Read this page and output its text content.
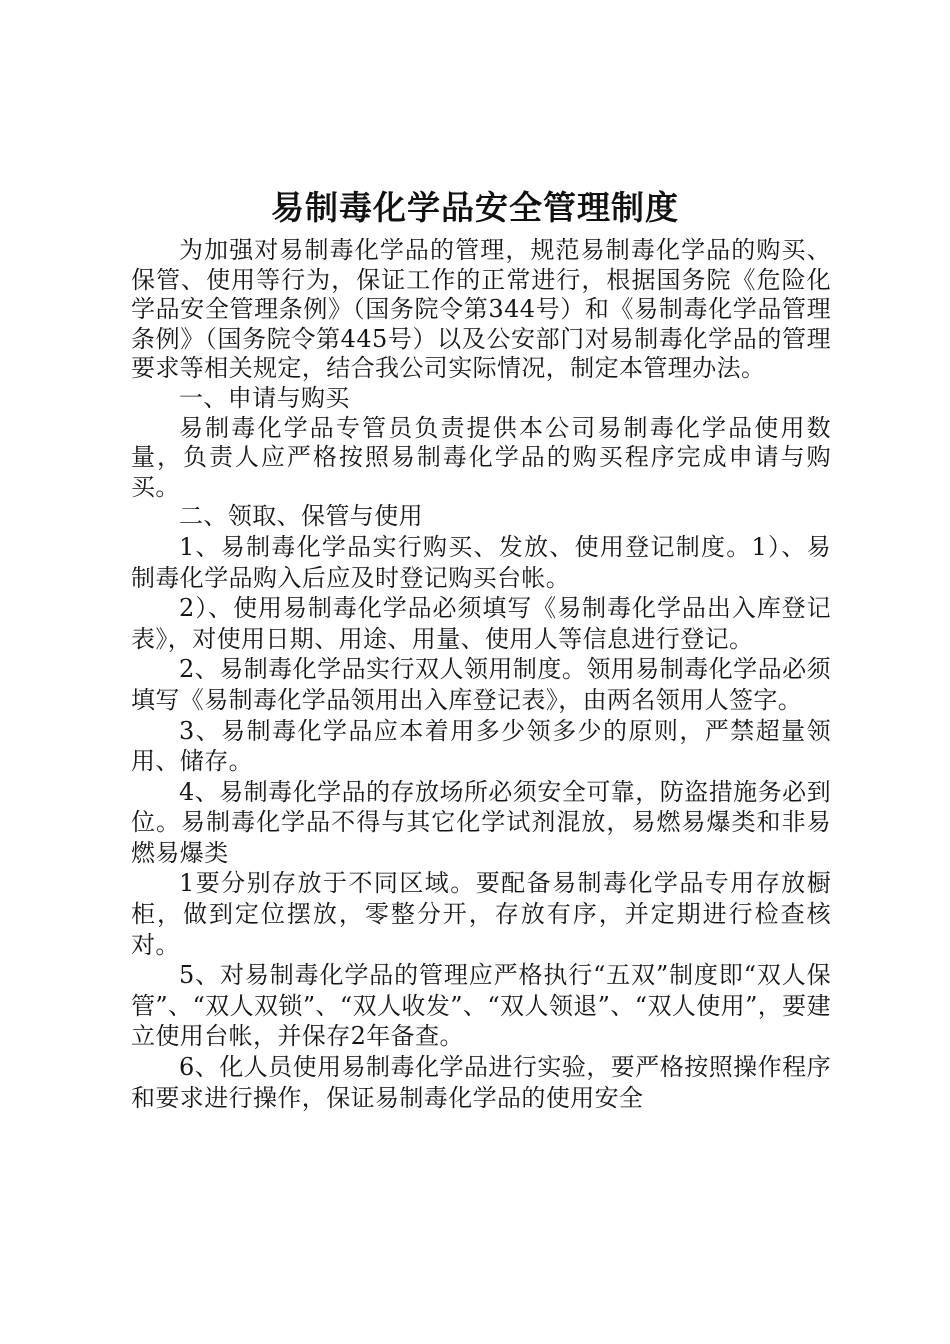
易制毒化学品安全管理制度

为加强对易制毒化学品的管理，规范易制毒化学品的购买、保管、使用等行为，保证工作的正常进行，根据国务院《危险化学品安全管理条例》（国务院令第344号）和《易制毒化学品管理条例》（国务院令第445号）以及公安部门对易制毒化学品的管理要求等相关规定，结合我公司实际情况，制定本管理办法。

一、申请与购买

易制毒化学品专管员负责提供本公司易制毒化学品使用数量，负责人应严格按照易制毒化学品的购买程序完成申请与购买。

二、领取、保管与使用

1、易制毒化学品实行购买、发放、使用登记制度。1）、易制毒化学品购入后应及时登记购买台帐。

2）、使用易制毒化学品必须填写《易制毒化学品出入库登记表》，对使用日期、用途、用量、使用人等信息进行登记。

2、易制毒化学品实行双人领用制度。领用易制毒化学品必须填写《易制毒化学品领用出入库登记表》，由两名领用人签字。

3、易制毒化学品应本着用多少领多少的原则，严禁超量领用、储存。

4、易制毒化学品的存放场所必须安全可靠，防盗措施务必到位。易制毒化学品不得与其它化学试剂混放，易燃易爆类和非易燃易爆类

1要分别存放于不同区域。要配备易制毒化学品专用存放橱柜，做到定位摆放，零整分开，存放有序，并定期进行检查核对。

5、对易制毒化学品的管理应严格执行“五双”制度即“双人保管”、“双人双锁”、“双人收发”、“双人领退”、“双人使用”，要建立使用台帐，并保存2年备查。

6、化人员使用易制毒化学品进行实验，要严格按照操作程序和要求进行操作，保证易制毒化学品的使用安全
